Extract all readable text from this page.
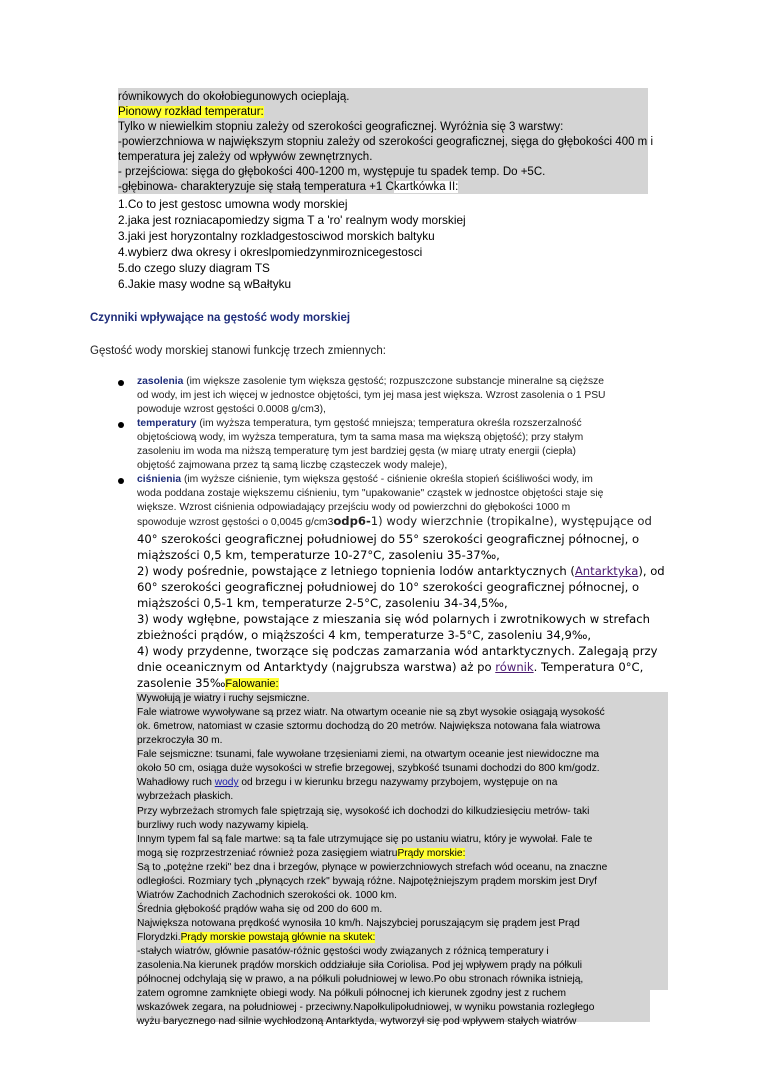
równikowych do okołobiegunowych ocieplają.
Pionowy rozkład temperatur:
Tylko w niewielkim stopniu zależy od szerokości geograficznej. Wyróżnia się 3 warstwy:
-powierzchniowa w największym stopniu zależy od szerokości geograficznej, sięga do głębokości 400 m i
temperatura jej zależy od wpływów zewnętrznych.
- przejściowa: sięga do głębokości 400-1200 m, występuje tu spadek temp. Do +5C.
-głębinowa- charakteryzuje się stałą temperatura +1 Ckartkówka II:
1.Co to jest gestosc umowna wody morskiej
2.jaka jest rozniacapomiedzy sigma T a 'ro' realnym wody morskiej
3.jaki jest horyzontalny rozkladgestosciwod morskich baltyku
4.wybierz dwa okresy i okreslpomiedzynmiroznicegestosci
5.do czego sluzy diagram TS
6.Jakie masy wodne są wBałtyku
Czynniki wpływające na gęstość wody morskiej
Gęstość wody morskiej stanowi funkcję trzech zmiennych:
zasolenia (im większe zasolenie tym większa gęstość; rozpuszczone substancje mineralne są cięższe
od wody, im jest ich więcej w jednostce objętości, tym jej masa jest większa. Wzrost zasolenia o 1 PSU
powoduje wzrost gęstości 0.0008 g/cm3),
temperatury (im wyższa temperatura, tym gęstość mniejsza; temperatura określa rozszerzalność
objętościową wody, im wyższa temperatura, tym ta sama masa ma większą objętość); przy stałym
zasoleniu im woda ma niższą temperaturę tym jest bardziej gęsta (w miarę utraty energii (ciepła)
objętość zajmowana przez tą samą liczbę cząsteczek wody maleje),
ciśnienia (im wyższe ciśnienie, tym większa gęstość - ciśnienie określa stopień ściśliwości wody, im
woda poddana zostaje większemu ciśnieniu, tym "upakowanie" cząstek w jednostce objętości staje się
większe. Wzrost ciśnienia odpowiadający przejściu wody od powierzchni do głębokości 1000 m
spowoduje wzrost gęstości o 0,0045 g/cm3odp6-1) wody wierzchnie (tropikalne), występujące od
40° szerokości geograficznej południowej do 55° szerokości geograficznej północnej, o
miąższości 0,5 km, temperaturze 10-27°C, zasoleniu 35-37‰,
2) wody pośrednie, powstające z letniego topnienia lodów antarktycznych (Antarktyka), od
60° szerokości geograficznej południowej do 10° szerokości geograficznej północnej, o
miąższości 0,5-1 km, temperaturze 2-5°C, zasoleniu 34-34,5‰,
3) wody wgłębne, powstające z mieszania się wód polarnych i zwrotnikowych w strefach
zbieżności prądów, o miąższości 4 km, temperaturze 3-5°C, zasoleniu 34,9‰,
4) wody przydenne, tworzące się podczas zamarzania wód antarktycznych. Zalegają przy
dnie oceanicznym od Antarktydy (najgrubsza warstwa) aż po równik. Temperatura 0°C,
zasolenie 35‰Falowanie:
Wywołują je wiatry i ruchy sejsmiczne.
Fale wiatrowe wywoływane są przez wiatr. Na otwartym oceanie nie są zbyt wysokie osiągają wysokość
ok. 6metrow, natomiast w czasie sztormu dochodzą do 20 metrów. Największa notowana fala wiatrowa
przekroczyła 30 m.
Fale sejsmiczne: tsunami, fale wywołane trzęsieniami ziemi, na otwartym oceanie jest niewidoczne ma
około 50 cm, osiąga duże wysokości w strefie brzegowej, szybkość tsunami dochodzi do 800 km/godz.
Wahadłowy ruch wody od brzegu i w kierunku brzegu nazywamy przybojem, występuje on na
wybrzeżach płaskich.
Przy wybrzeżach stromych fale spiętrzają się, wysokość ich dochodzi do kilkudziesięciu metrów- taki
burzliwy ruch wody nazywamy kipielą.
Innym typem fal są fale martwe: są ta fale utrzymujące się po ustaniu wiatru, który je wywołał. Fale te
mogą się rozprzestrzeniać również poza zasięgiem wiatruPrądy morskie:
Są to „potężne rzeki" bez dna i brzegów, płynące w powierzchniowych strefach wód oceanu, na znaczne
odległości. Rozmiary tych „płynących rzek" bywają różne. Najpotężniejszym prądem morskim jest Dryf
Wiatrów Zachodnich Zachodnich szerokości ok. 1000 km.
Średnia głębokość prądów waha się od 200 do 600 m.
Największa notowana prędkość wynosiła 10 km/h. Najszybciej poruszającym się prądem jest Prąd
Florydzki.Prądy morskie powstają głównie na skutek:
-stałych wiatrów, głównie pasatów-różnic gęstości wody związanych z różnicą temperatury i
zasolenia.Na kierunek prądów morskich oddziałuje siła Coriolisa. Pod jej wpływem prądy na półkuli
północnej odchylają się w prawo, a na półkuli południowej w lewo.Po obu stronach równika istnieją,
zatem ogromne zamknięte obiegi wody. Na półkuli północnej ich kierunek zgodny jest z ruchem
wskazówek zegara, na południowej - przeciwny.Napołkulipołudniowej, w wyniku powstania rozległego
wyżu barycznego nad silnie wychłodzoną Antarktyda, wytworzył się pod wpływem stałych wiatrów
